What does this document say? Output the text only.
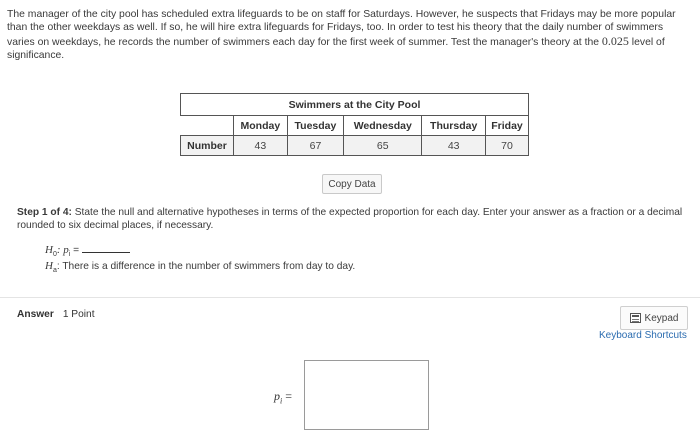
The manager of the city pool has scheduled extra lifeguards to be on staff for Saturdays. However, he suspects that Fridays may be more popular than the other weekdays as well. If so, he will hire extra lifeguards for Fridays, too. In order to test his theory that the daily number of swimmers varies on weekdays, he records the number of swimmers each day for the first week of summer. Test the manager's theory at the 0.025 level of significance.
Swimmers at the City Pool					
	Monday	Tuesday	Wednesday	Thursday	Friday
Number	43	67	65	43	70
Copy Data
Step 1 of 4: State the null and alternative hypotheses in terms of the expected proportion for each day. Enter your answer as a fraction or a decimal rounded to six decimal places, if necessary.
$H_0$: $p_i$ =
$H_a$: There is a difference in the number of swimmers from day to day.
Answer 1 Point	Keypad
Keyboard Shortcuts
$p_i$ =
